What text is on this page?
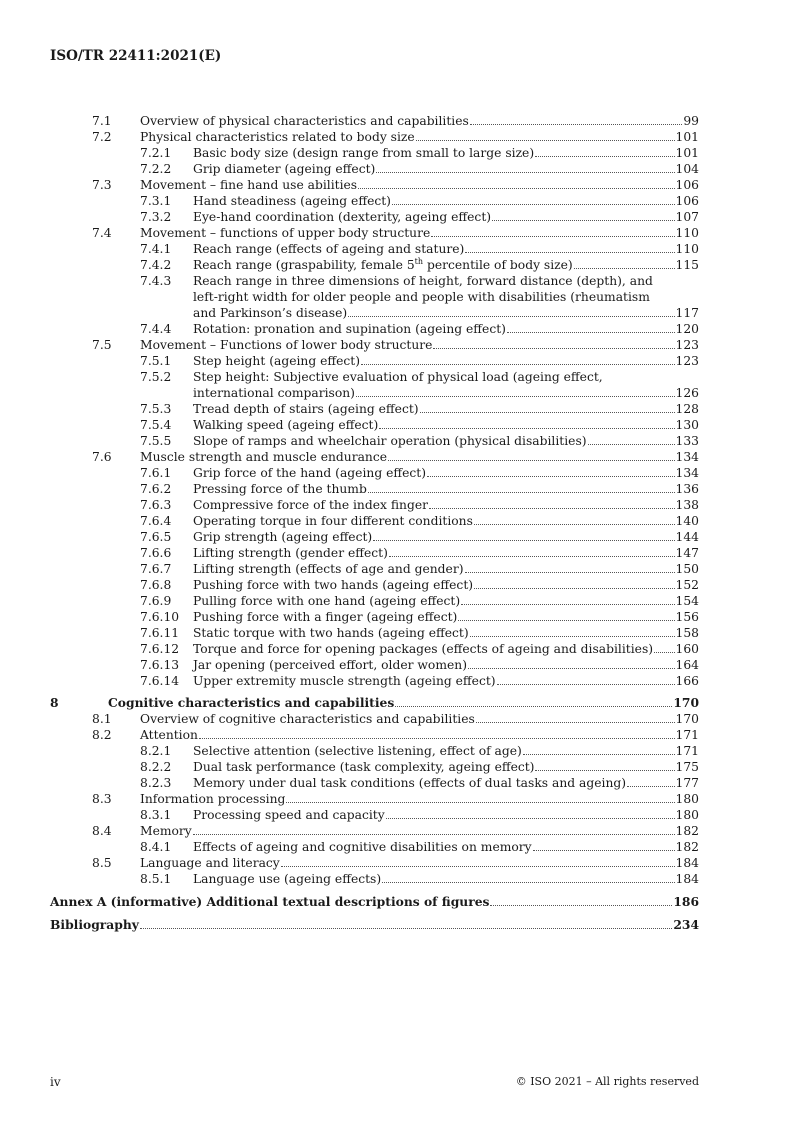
ISO/TR 22411:2021(E)
7.1 Overview of physical characteristics and capabilities	99
7.2 Physical characteristics related to body size	101
7.2.1 Basic body size (design range from small to large size)	101
7.2.2 Grip diameter (ageing effect)	104
7.3 Movement – fine hand use abilities	106
7.3.1 Hand steadiness (ageing effect)	106
7.3.2 Eye-hand coordination (dexterity, ageing effect)	107
7.4 Movement – functions of upper body structure	110
7.4.1 Reach range (effects of ageing and stature)	110
7.4.2 Reach range (graspability, female 5th percentile of body size)	115
7.4.3 Reach range in three dimensions of height, forward distance (depth), and
left-right width for older people and people with disabilities (rheumatism
and Parkinson’s disease)	117
7.4.4 Rotation: pronation and supination (ageing effect)	120
7.5 Movement – Functions of lower body structure	123
7.5.1 Step height (ageing effect)	123
7.5.2 Step height: Subjective evaluation of physical load (ageing effect,
international comparison)	126
7.5.3 Tread depth of stairs (ageing effect)	128
7.5.4 Walking speed (ageing effect)	130
7.5.5 Slope of ramps and wheelchair operation (physical disabilities)	133
7.6 Muscle strength and muscle endurance	134
7.6.1 Grip force of the hand (ageing effect)	134
7.6.2 Pressing force of the thumb	136
7.6.3 Compressive force of the index finger	138
7.6.4 Operating torque in four different conditions	140
7.6.5 Grip strength (ageing effect)	144
7.6.6 Lifting strength (gender effect)	147
7.6.7 Lifting strength (effects of age and gender)	150
7.6.8 Pushing force with two hands (ageing effect)	152
7.6.9 Pulling force with one hand (ageing effect)	154
7.6.10 Pushing force with a finger (ageing effect)	156
7.6.11 Static torque with two hands (ageing effect)	158
7.6.12 Torque and force for opening packages (effects of ageing and disabilities) 160
7.6.13 Jar opening (perceived effort, older women)	164
7.6.14 Upper extremity muscle strength (ageing effect)	166
8	Cognitive characteristics and capabilities	170
8.1 Overview of cognitive characteristics and capabilities	170
8.2 Attention	171
8.2.1 Selective attention (selective listening, effect of age)	171
8.2.2 Dual task performance (task complexity, ageing effect)	175
8.2.3 Memory under dual task conditions (effects of dual tasks and ageing)	177
8.3 Information processing	180
8.3.1 Processing speed and capacity	180
8.4 Memory	182
8.4.1 Effects of ageing and cognitive disabilities on memory	182
8.5 Language and literacy	184
8.5.1 Language use (ageing effects)	184
Annex A (informative) Additional textual descriptions of figures	186
Bibliography	234
iv	© ISO 2021 – All rights reserved
